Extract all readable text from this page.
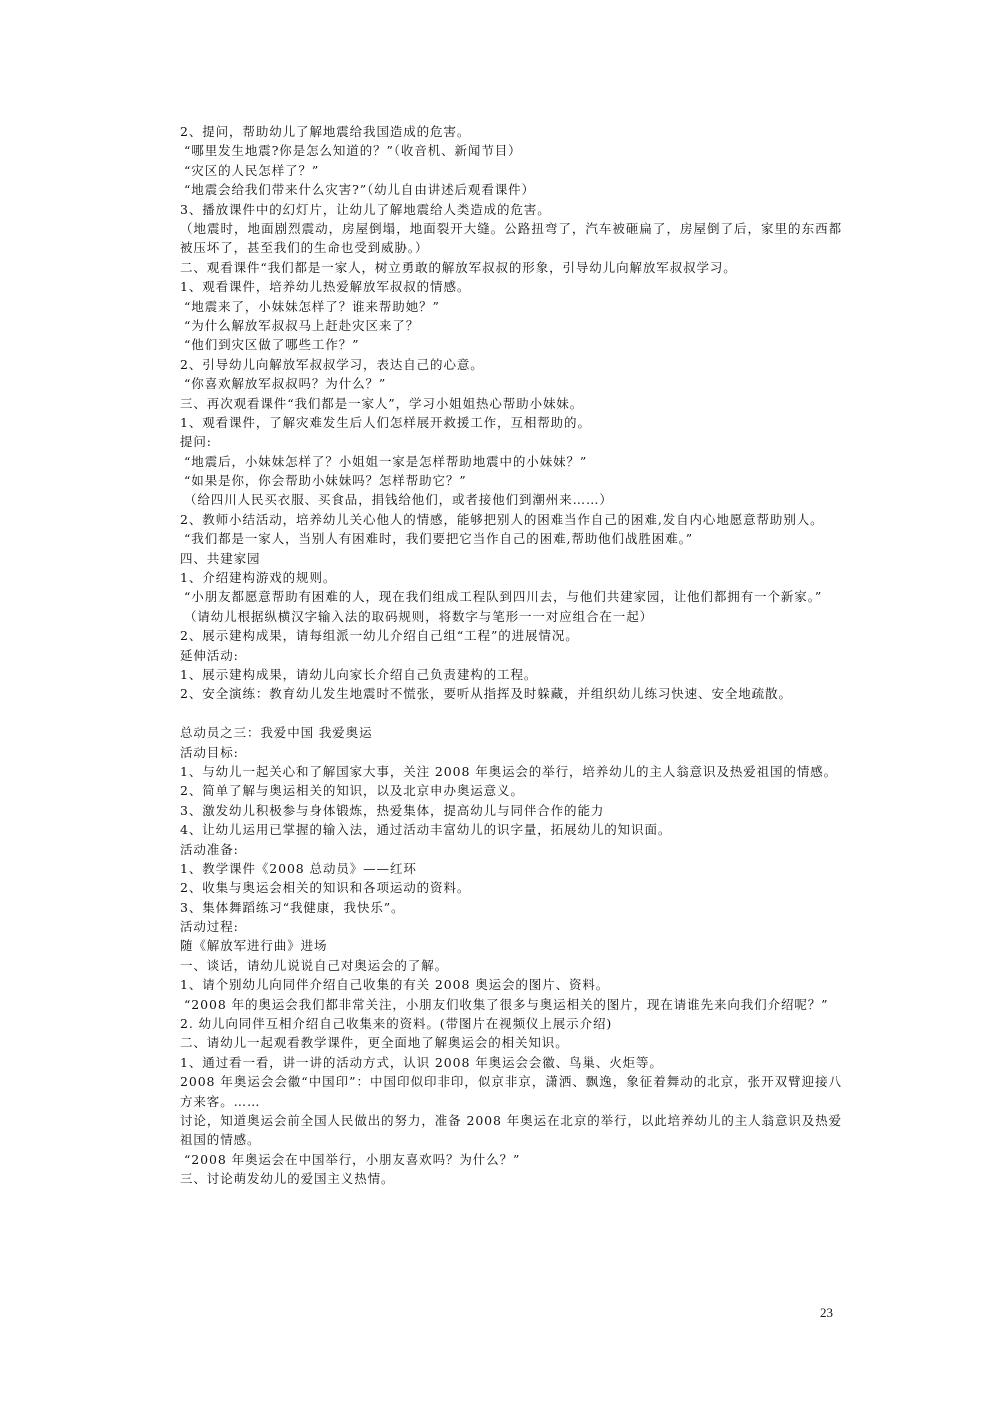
2、提问，帮助幼儿了解地震给我国造成的危害。
“哪里发生地震?你是怎么知道的？”（收音机、新闻节目）
“灾区的人民怎样了？”
“地震会给我们带来什么灾害?”（幼儿自由讲述后观看课件）
3、播放课件中的幻灯片，让幼儿了解地震给人类造成的危害。
（地震时，地面剧烈震动，房屋倒塌，地面裂开大缝。公路扭弯了，汽车被砸扁了，房屋倒了后，家里的东西都被压坏了，甚至我们的生命也受到威胁。）
二、观看课件“我们都是一家人，树立勇敢的解放军叔叔的形象，引导幼儿向解放军叔叔学习。
1、观看课件，培养幼儿热爱解放军叔叔的情感。
“地震来了，小妹妹怎样了？谁来帮助她？”
“为什么解放军叔叔马上赶赴灾区来了？
“他们到灾区做了哪些工作？”
2、引导幼儿向解放军叔叔学习，表达自己的心意。
“你喜欢解放军叔叔吗？为什么？”
三、再次观看课件“我们都是一家人”，学习小姐姐热心帮助小妹妹。
1、观看课件，了解灾难发生后人们怎样展开救援工作，互相帮助的。
提问:
“地震后，小妹妹怎样了？小姐姐一家是怎样帮助地震中的小妹妹？”
“如果是你，你会帮助小妹妹吗？怎样帮助它？”
（给四川人民买衣服、买食品，捐钱给他们，或者接他们到潮州来……）
2、教师小结活动，培养幼儿关心他人的情感，能够把别人的困难当作自己的困难,发自内心地愿意帮助别人。
“我们都是一家人，当别人有困难时，我们要把它当作自己的困难,帮助他们战胜困难。”
四、共建家园
1、介绍建构游戏的规则。
“小朋友都愿意帮助有困难的人，现在我们组成工程队到四川去，与他们共建家园，让他们都拥有一个新家。”
（请幼儿根据纵横汉字输入法的取码规则，将数字与笔形一一对应组合在一起）
2、展示建构成果，请每组派一幼儿介绍自己组“工程”的进展情况。
延伸活动:
1、展示建构成果，请幼儿向家长介绍自己负责建构的工程。
2、安全演练：教育幼儿发生地震时不慌张，要听从指挥及时躲藏，并组织幼儿练习快速、安全地疏散。
总动员之三：我爱中国 我爱奥运
活动目标:
1、与幼儿一起关心和了解国家大事，关注 2008 年奥运会的举行，培养幼儿的主人翁意识及热爱祖国的情感。
2、简单了解与奥运相关的知识，以及北京申办奥运意义。
3、激发幼儿积极参与身体锻炼，热爱集体，提高幼儿与同伴合作的能力
4、让幼儿运用已掌握的输入法，通过活动丰富幼儿的识字量，拓展幼儿的知识面。
活动准备:
1、教学课件《2008 总动员》——红环
2、收集与奥运会相关的知识和各项运动的资料。
3、集体舞蹈练习“我健康，我快乐”。
活动过程:
随《解放军进行曲》进场
一、谈话，请幼儿说说自己对奥运会的了解。
1、请个别幼儿向同伴介绍自己收集的有关 2008 奥运会的图片、资料。
“2008 年的奥运会我们都非常关注，小朋友们收集了很多与奥运相关的图片，现在请谁先来向我们介绍呢？”
2. 幼儿向同伴互相介绍自己收集来的资料。(带图片在视频仪上展示介绍)
二、请幼儿一起观看教学课件，更全面地了解奥运会的相关知识。
1、通过看一看，讲一讲的活动方式，认识 2008 年奥运会会徽、鸟巢、火炬等。
2008 年奥运会会徽“中国印”：中国印似印非印，似京非京，潇洒、飘逸，象征着舞动的北京，张开双臂迎接八方来客。……
讨论，知道奥运会前全国人民做出的努力，准备 2008 年奥运在北京的举行，以此培养幼儿的主人翁意识及热爱祖国的情感。
“2008 年奥运会在中国举行，小朋友喜欢吗？为什么？”
三、讨论萌发幼儿的爱国主义热情。
23
